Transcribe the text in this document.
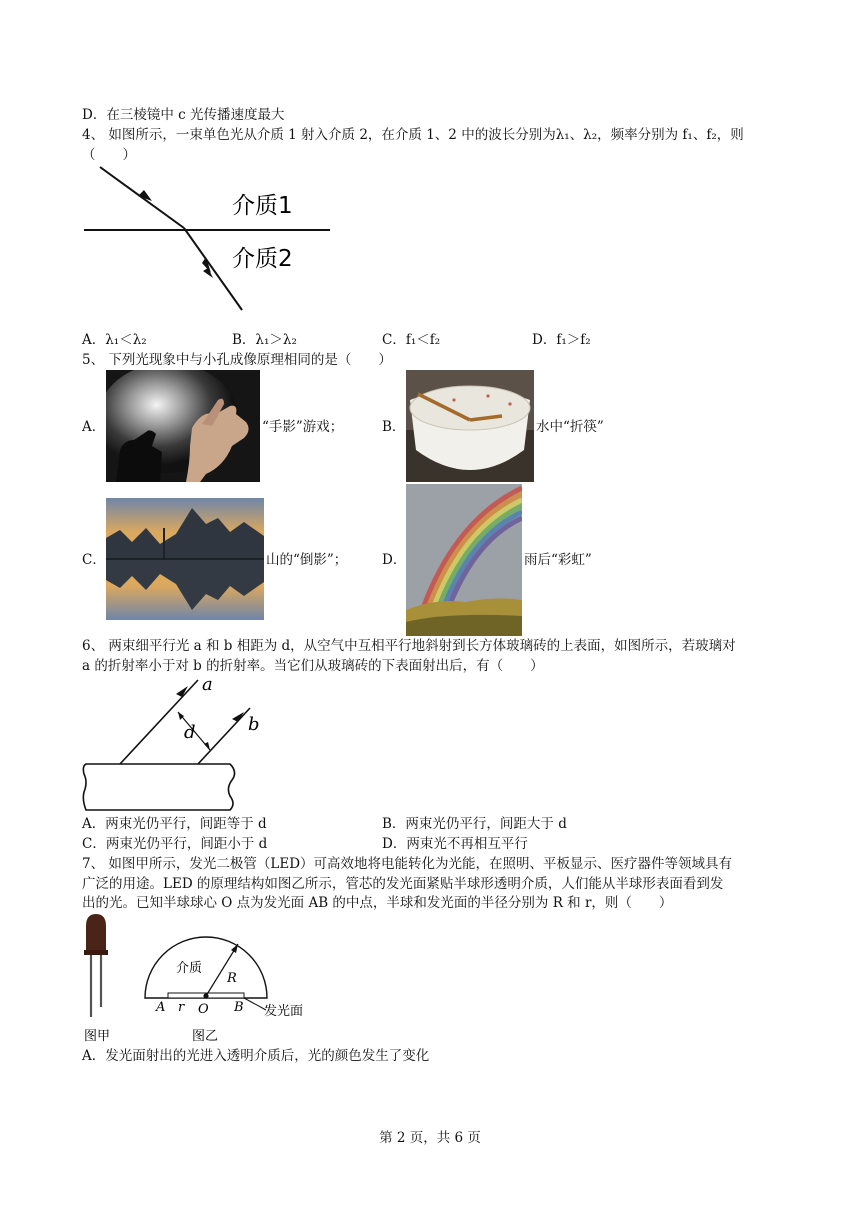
D．在三棱镜中 c 光传播速度最大
4、 如图所示，一束单色光从介质 1 射入介质 2，在介质 1、2 中的波长分别为λ₁、λ₂，频率分别为 f₁、f₂，则
（　　）
介质1
介质2
A．λ₁＜λ₂	B．λ₁＞λ₂	C．f₁＜f₂	D．f₁＞f₂
5、 下列光现象中与小孔成像原理相同的是（　　）
A．	“手影”游戏；	B．	水中“折筷”
C．	山的“倒影”；	D．	雨后“彩虹”
6、 两束细平行光 a 和 b 相距为 d，从空气中互相平行地斜射到长方体玻璃砖的上表面，如图所示，若玻璃对
a 的折射率小于对 b 的折射率。当它们从玻璃砖的下表面射出后，有（　　）
a
d	b
A．两束光仍平行，间距等于 d	B．两束光仍平行，间距大于 d
C．两束光仍平行，间距小于 d	D．两束光不再相互平行
7、 如图甲所示，发光二极管（LED）可高效地将电能转化为光能，在照明、平板显示、医疗器件等领域具有
广泛的用途。LED 的原理结构如图乙所示，管芯的发光面紧贴半球形透明介质，人们能从半球形表面看到发
出的光。已知半球球心 O 点为发光面 AB 的中点，半球和发光面的半径分别为 R 和 r，则（　　）
介质
R
A r O B 发光面
图甲	图乙
A．发光面射出的光进入透明介质后，光的颜色发生了变化
第 2 页，共 6 页
